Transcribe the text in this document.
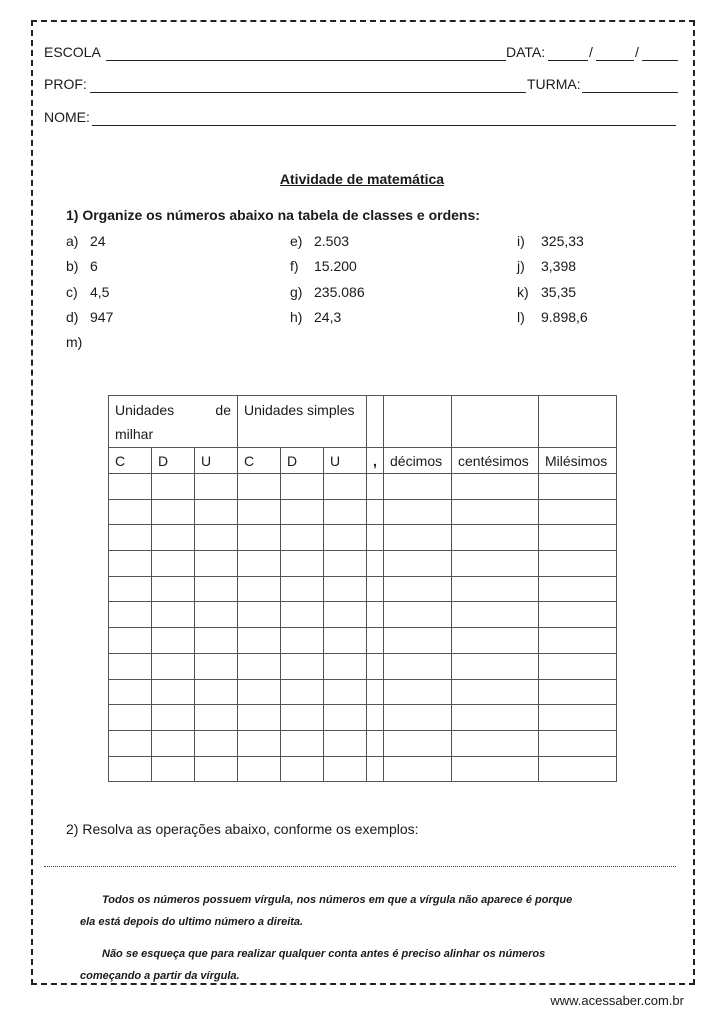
ESCOLA	DATA:	/	/
PROF:	TURMA:
NOME:
Atividade de matemática
1) Organize os números abaixo na tabela de classes e ordens:
a) 24
b) 6
c) 4,5
d) 947
m)
e) 2.503
f) 15.200
g) 235.086
h) 24,3
i) 325,33
j) 3,398
k) 35,35
l) 9.898,6
Unidades de
milhar			Unidades simples						
C	D	U	C	D	U	,	décimos	centésimos	Milésimos

2) Resolva as operações abaixo, conforme os exemplos:
Todos os números possuem vírgula, nos números em que a vírgula não aparece é porque
ela está depois do ultimo número a direita.
Não se esqueça que para realizar qualquer conta antes é preciso alinhar os números
começando a partir da vírgula.
www.acessaber.com.br
